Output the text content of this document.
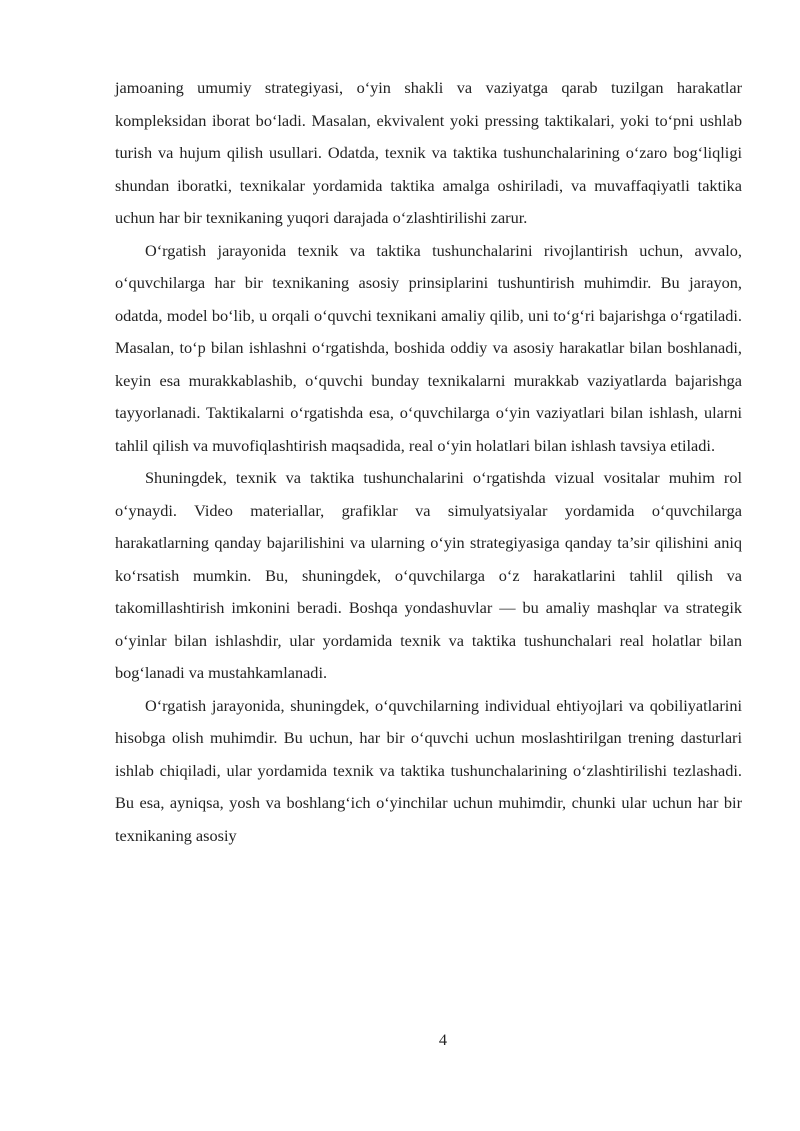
jamoaning umumiy strategiyasi, o‘yin shakli va vaziyatga qarab tuzilgan harakatlar kompleksidan iborat bo‘ladi. Masalan, ekvivalent yoki pressing taktikalari, yoki to‘pni ushlab turish va hujum qilish usullari. Odatda, texnik va taktika tushunchalarining o‘zaro bog‘liqligi shundan iboratki, texnikalar yordamida taktika amalga oshiriladi, va muvaffaqiyatli taktika uchun har bir texnikaning yuqori darajada o‘zlashtirilishi zarur.

O‘rgatish jarayonida texnik va taktika tushunchalarini rivojlantirish uchun, avvalo, o‘quvchilarga har bir texnikaning asosiy prinsiplarini tushuntirish muhimdir. Bu jarayon, odatda, model bo‘lib, u orqali o‘quvchi texnikani amaliy qilib, uni to‘g‘ri bajarishga o‘rgatiladi. Masalan, to‘p bilan ishlashni o‘rgatishda, boshida oddiy va asosiy harakatlar bilan boshlanadi, keyin esa murakkablashib, o‘quvchi bunday texnikalarni murakkab vaziyatlarda bajarishga tayyorlanadi. Taktikalarni o‘rgatishda esa, o‘quvchilarga o‘yin vaziyatlari bilan ishlash, ularni tahlil qilish va muvofiqlashtirish maqsadida, real o‘yin holatlari bilan ishlash tavsiya etiladi.

Shuningdek, texnik va taktika tushunchalarini o‘rgatishda vizual vositalar muhim rol o‘ynaydi. Video materiallar, grafiklar va simulyatsiyalar yordamida o‘quvchilarga harakatlarning qanday bajarilishini va ularning o‘yin strategiyasiga qanday ta’sir qilishini aniq ko‘rsatish mumkin. Bu, shuningdek, o‘quvchilarga o‘z harakatlarini tahlil qilish va takomillashtirish imkonini beradi. Boshqa yondashuvlar — bu amaliy mashqlar va strategik o‘yinlar bilan ishlashdir, ular yordamida texnik va taktika tushunchalari real holatlar bilan bog‘lanadi va mustahkamlanadi.

O‘rgatish jarayonida, shuningdek, o‘quvchilarning individual ehtiyojlari va qobiliyatlarini hisobga olish muhimdir. Bu uchun, har bir o‘quvchi uchun moslashtirilgan trening dasturlari ishlab chiqiladi, ular yordamida texnik va taktika tushunchalarining o‘zlashtirilishi tezlashadi. Bu esa, ayniqsa, yosh va boshlang‘ich o‘yinchilar uchun muhimdir, chunki ular uchun har bir texnikaning asosiy

4
